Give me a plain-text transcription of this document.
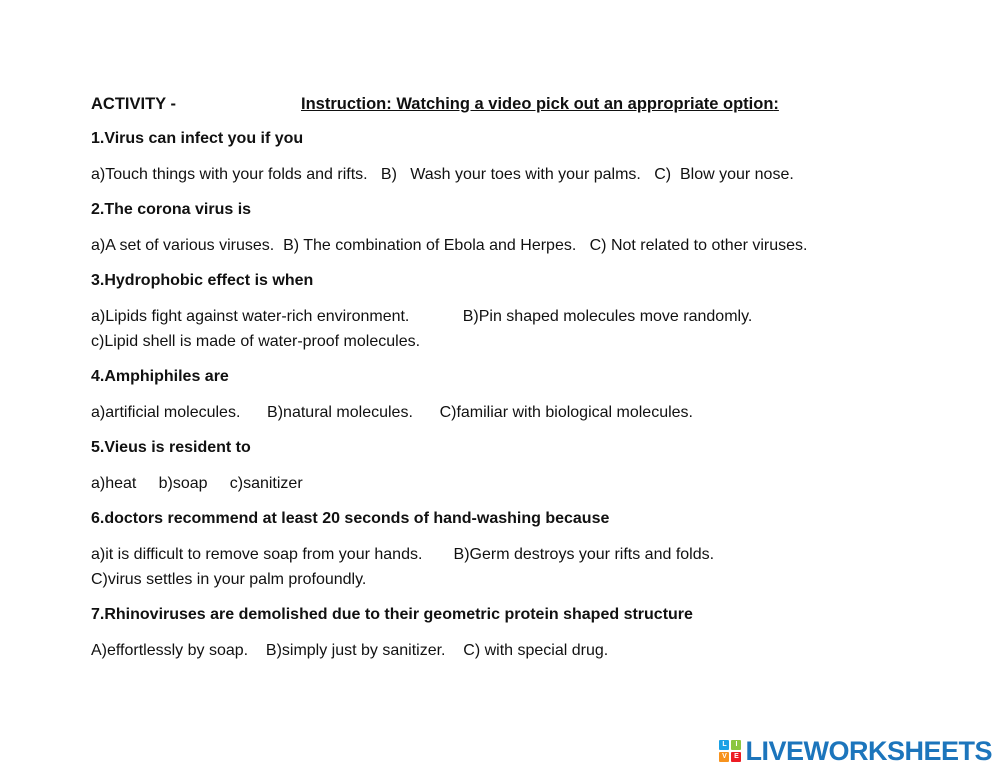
ACTIVITY -	Instruction: Watching a video pick out an appropriate option:
1.Virus can infect you if you
a)Touch things with your folds and rifts.   B)   Wash your toes with your palms.   C)  Blow your nose.
2.The corona virus is
a)A set of various viruses.  B) The combination of Ebola and Herpes.   C) Not related to other viruses.
3.Hydrophobic effect is when
a)Lipids fight against water-rich environment.            B)Pin shaped molecules move randomly.
c)Lipid shell is made of water-proof molecules.
4.Amphiphiles are
a)artificial molecules.      B)natural molecules.      C)familiar with biological molecules.
5.Vieus is resident to
a)heat     b)soap     c)sanitizer
6.doctors recommend at least 20 seconds of hand-washing because
a)it is difficult to remove soap from your hands.       B)Germ destroys your rifts and folds.
C)virus settles in your palm profoundly.
7.Rhinoviruses are demolished due to their geometric protein shaped structure
A)effortlessly by soap.    B)simply just by sanitizer.    C) with special drug.
L	I
V	E LIVEWORKSHEETS
